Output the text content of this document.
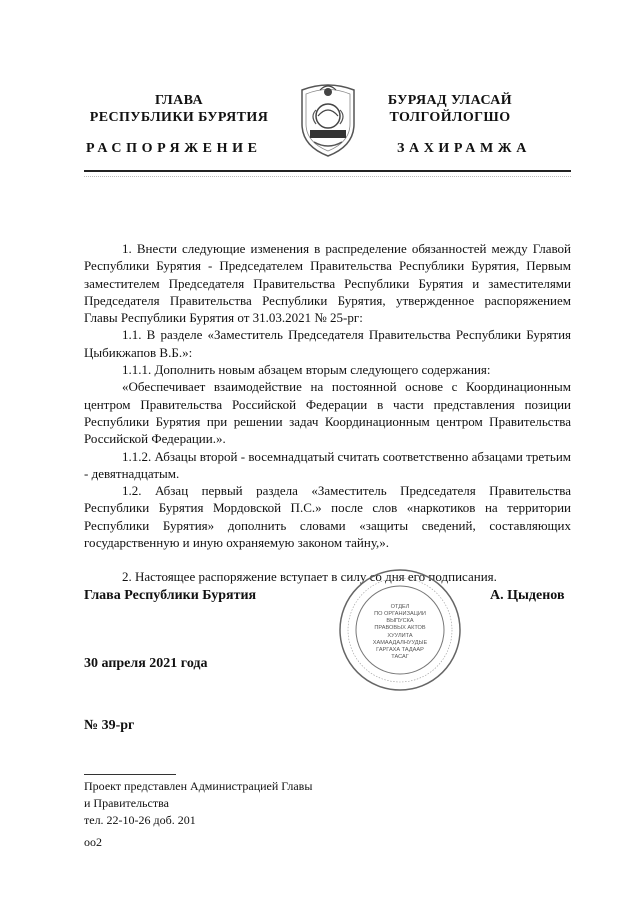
ГЛАВА
РЕСПУБЛИКИ БУРЯТИЯ
РАСПОРЯЖЕНИЕ
БУРЯАД УЛАСАЙ
ТОЛГОЙЛОГШО
ЗАХИРАМЖА

1. Внести следующие изменения в распределение обязанностей между Главой Республики Бурятия - Председателем Правительства Республики Бурятия, Первым заместителем Председателя Правительства Республики Бурятия и заместителями Председателя Правительства Республики Бурятия, утвержденное распоряжением Главы Республики Бурятия от 31.03.2021 № 25-рг:

1.1. В разделе «Заместитель Председателя Правительства Республики Бурятия Цыбикжапов В.Б.»:

1.1.1. Дополнить новым абзацем вторым следующего содержания:

«Обеспечивает взаимодействие на постоянной основе с Координационным центром Правительства Российской Федерации в части представления позиции Республики Бурятия при решении задач Координационным центром Правительства Российской Федерации.».

1.1.2. Абзацы второй - восемнадцатый считать соответственно абзацами третьим - девятнадцатым.

1.2. Абзац первый раздела «Заместитель Председателя Правительства Республики Бурятия Мордовской П.С.» после слов «наркотиков на территории Республики Бурятия» дополнить словами «защиты сведений, составляющих государственную и иную охраняемую законом тайну,».

2. Настоящее распоряжение вступает в силу со дня его подписания.

Глава Республики Бурятия	А. Цыденов
ОТДЕЛ
ПО ОРГАНИЗАЦИИ
ВЫПУСКА
ПРАВОВЫХ АКТОВ
ХУУЛИТА
ХАМААДАЛНУУДЫЕ
ГАРГАХА ТАДААР
ТАСАГ
30 апреля 2021 года
№ 39-рг
Проект представлен Администрацией Главы
и Правительства
тел. 22-10-26 доб. 201
оо2
